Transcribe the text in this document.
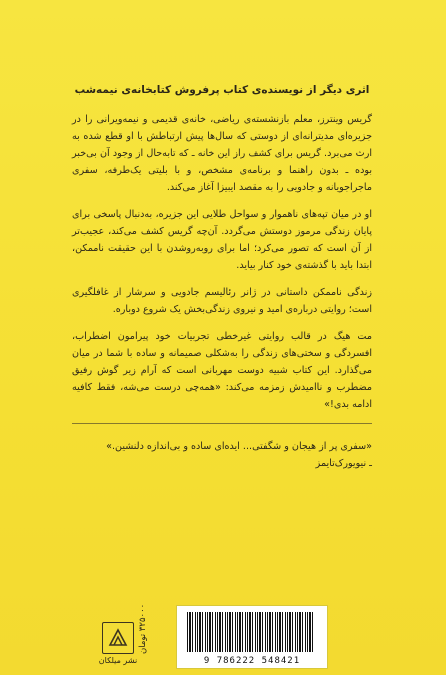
اثری دیگر از نویسنده‌ی کتاب پرفروش کتابخانه‌ی نیمه‌شب

گریس وینترز، معلم بازنشسته‌ی ریاضی، خانه‌ی قدیمی و نیمه‌ویرانی را در جزیره‌ای مدیترانه‌ای از دوستی که سال‌ها پیش ارتباطش با او قطع شده به ارث می‌برد. گریس برای کشف راز این خانه ـ که تابه‌حال از وجود آن بی‌خبر بوده ـ بدون راهنما و برنامه‌ی مشخص، و با بلیتی یک‌طرفه، سفری ماجراجویانه و جادویی را به مقصد ایبیزا آغاز می‌کند.

او در میان تپه‌های ناهموار و سواحل طلایی این جزیره، به‌دنبال پاسخی برای پایان زندگی مرموز دوستش می‌گردد. آن‌چه گریس کشف می‌کند، عجیب‌تر از آن است که تصور می‌کرد؛ اما برای روبه‌روشدن با این حقیقت ناممکن، ابتدا باید با گذشته‌ی خود کنار بیاید.

زندگی ناممکن داستانی در ژانر رئالیسم جادویی و سرشار از غافلگیری است؛ روایتی درباره‌ی امید و نیروی زندگی‌بخش یک شروع دوباره.

مت هیگ در قالب روایتی غیرخطی تجربیات خود پیرامون اضطراب، افسردگی و سختی‌های زندگی را به‌شکلی صمیمانه و ساده با شما در میان می‌گذارد. این کتاب شبیه دوست مهربانی است که آرام زیر گوش رفیق مضطرب و ناامیدش زمزمه می‌کند: «همه‌چی درست می‌شه، فقط کافیه ادامه بدی!»

«سفری پر از هیجان و شگفتی... ایده‌ای ساده و بی‌اندازه دلنشین.»

ـ نیویورک‌تایمز

۳۲۵۰۰۰ تومان
9 786222 548421
نشر میلکان
